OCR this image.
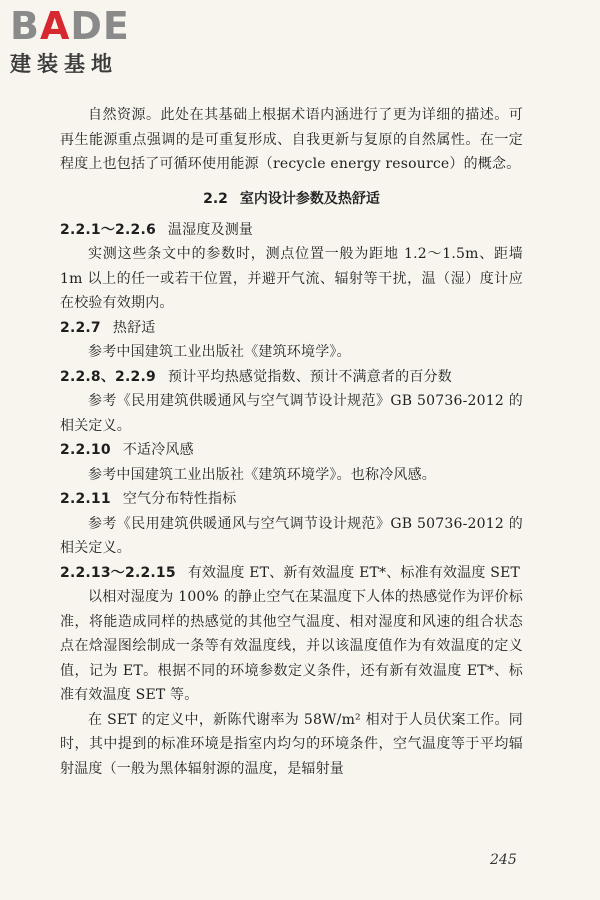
BADE
建装基地

自然资源。此处在其基础上根据术语内涵进行了更为详细的描述。可再生能源重点强调的是可重复形成、自我更新与复原的自然属性。在一定程度上也包括了可循环使用能源（recycle energy resource）的概念。

2.2 室内设计参数及热舒适

2.2.1～2.2.6 温湿度及测量

实测这些条文中的参数时，测点位置一般为距地 1.2～1.5m、距墙 1m 以上的任一或若干位置，并避开气流、辐射等干扰，温（湿）度计应在校验有效期内。

2.2.7 热舒适

参考中国建筑工业出版社《建筑环境学》。

2.2.8、2.2.9 预计平均热感觉指数、预计不满意者的百分数

参考《民用建筑供暖通风与空气调节设计规范》GB 50736-2012 的相关定义。

2.2.10 不适冷风感

参考中国建筑工业出版社《建筑环境学》。也称冷风感。

2.2.11 空气分布特性指标

参考《民用建筑供暖通风与空气调节设计规范》GB 50736-2012 的相关定义。

2.2.13～2.2.15 有效温度 ET、新有效温度 ET*、标准有效温度 SET

以相对湿度为 100% 的静止空气在某温度下人体的热感觉作为评价标准，将能造成同样的热感觉的其他空气温度、相对湿度和风速的组合状态点在焓湿图绘制成一条等有效温度线，并以该温度值作为有效温度的定义值，记为 ET。根据不同的环境参数定义条件，还有新有效温度 ET*、标准有效温度 SET 等。

在 SET 的定义中，新陈代谢率为 58W/m² 相对于人员伏案工作。同时，其中提到的标准环境是指室内均匀的环境条件，空气温度等于平均辐射温度（一般为黑体辐射源的温度，是辐射量

245
